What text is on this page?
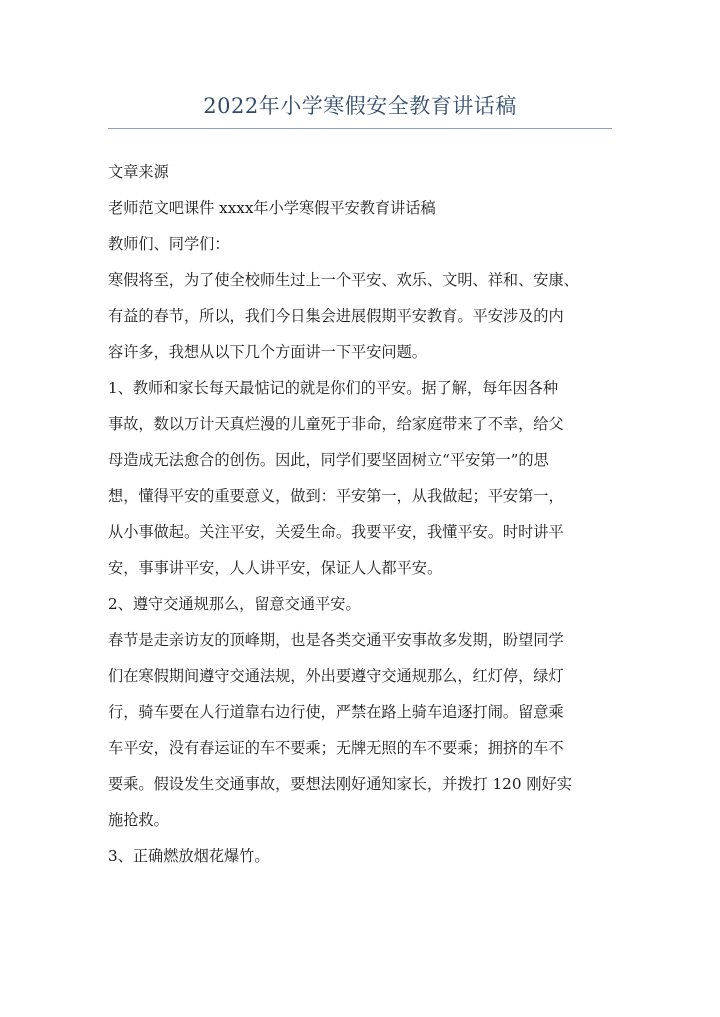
2022年小学寒假安全教育讲话稿
文章来源
老师范文吧课件 xxxx年小学寒假平安教育讲话稿
教师们、同学们：
寒假将至，为了使全校师生过上一个平安、欢乐、文明、祥和、安康、
有益的春节，所以，我们今日集会进展假期平安教育。平安涉及的内
容许多，我想从以下几个方面讲一下平安问题。
1、教师和家长每天最惦记的就是你们的平安。据了解，每年因各种
事故，数以万计天真烂漫的儿童死于非命，给家庭带来了不幸，给父
母造成无法愈合的创伤。因此，同学们要坚固树立“平安第一”的思
想，懂得平安的重要意义，做到：平安第一，从我做起；平安第一，
从小事做起。关注平安，关爱生命。我要平安，我懂平安。时时讲平
安，事事讲平安，人人讲平安，保证人人都平安。
2、遵守交通规那么，留意交通平安。
春节是走亲访友的顶峰期，也是各类交通平安事故多发期，盼望同学
们在寒假期间遵守交通法规，外出要遵守交通规那么，红灯停，绿灯
行，骑车要在人行道靠右边行使，严禁在路上骑车追逐打闹。留意乘
车平安，没有春运证的车不要乘；无牌无照的车不要乘；拥挤的车不
要乘。假设发生交通事故，要想法刚好通知家长，并拨打 120 刚好实
施抢救。
3、正确燃放烟花爆竹。
